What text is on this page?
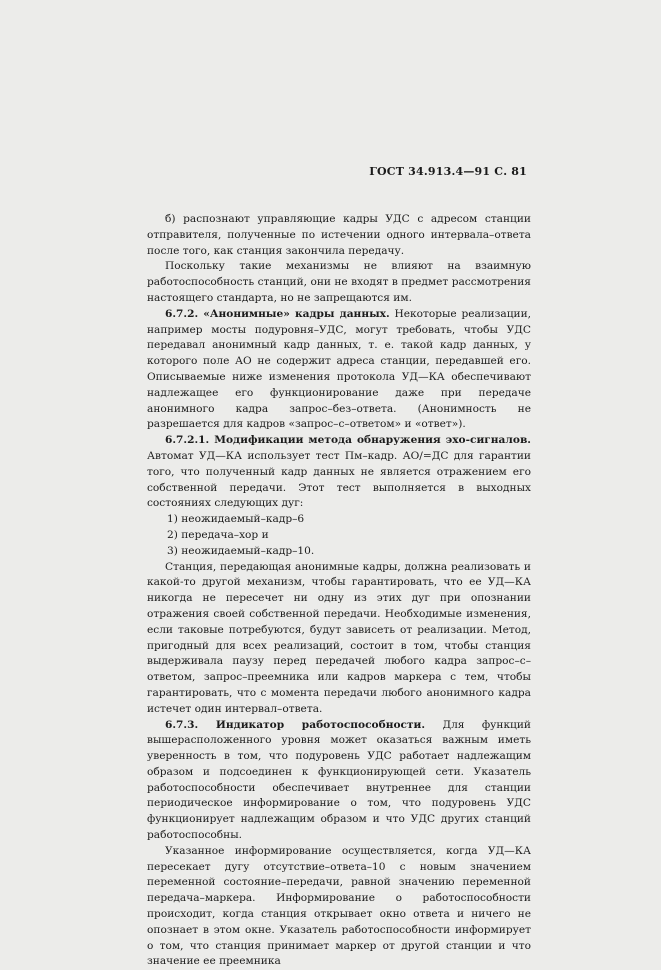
ГОСТ 34.913.4—91 С. 81

б) распознают управляющие кадры УДС с адресом станции отправителя, полученные по истечении одного интервала–ответа после того, как станция закончила передачу.

Поскольку такие механизмы не влияют на взаимную работоспособность станций, они не входят в предмет рассмотрения настоящего стандарта, но не запрещаются им.

6.7.2. «Анонимные» кадры данных. Некоторые реализации, например мосты подуровня–УДС, могут требовать, чтобы УДС передавал анонимный кадр данных, т. е. такой кадр данных, у которого поле АО не содержит адреса станции, передавшей его. Описываемые ниже изменения протокола УД—КА обеспечивают надлежащее его функционирование даже при передаче анонимного кадра запрос–без–ответа. (Анонимность не разрешается для кадров «запрос–с–ответом» и «ответ»).

6.7.2.1. Модификации метода обнаружения эхо-сигналов. Автомат УД—КА использует тест Пм–кадр. АО/=ДС для гарантии того, что полученный кадр данных не является отражением его собственной передачи. Этот тест выполняется в выходных состояниях следующих дуг:

1) неожидаемый–кадр–6

2) передача–хор и

3) неожидаемый–кадр–10.

Станция, передающая анонимные кадры, должна реализовать и какой-то другой механизм, чтобы гарантировать, что ее УД—КА никогда не пересечет ни одну из этих дуг при опознании отражения своей собственной передачи. Необходимые изменения, если таковые потребуются, будут зависеть от реализации. Метод, пригодный для всех реализаций, состоит в том, чтобы станция выдерживала паузу перед передачей любого кадра запрос–с–ответом, запрос–преемника или кадров маркера с тем, чтобы гарантировать, что с момента передачи любого анонимного кадра истечет один интервал–ответа.

6.7.3. Индикатор работоспособности. Для функций вышерасположенного уровня может оказаться важным иметь уверенность в том, что подуровень УДС работает надлежащим образом и подсоединен к функционирующей сети. Указатель работоспособности обеспечивает внутреннее для станции периодическое информирование о том, что подуровень УДС функционирует надлежащим образом и что УДС других станций работоспособны.

Указанное информирование осуществляется, когда УД—КА пересекает дугу отсутствие–ответа–10 с новым значением переменной состояние–передачи, равной значению переменной передача–маркера. Информирование о работоспособности происходит, когда станция открывает окно ответа и ничего не опознает в этом окне. Указатель работоспособности информирует о том, что станция принимает маркер от другой станции и что значение ее преемника
